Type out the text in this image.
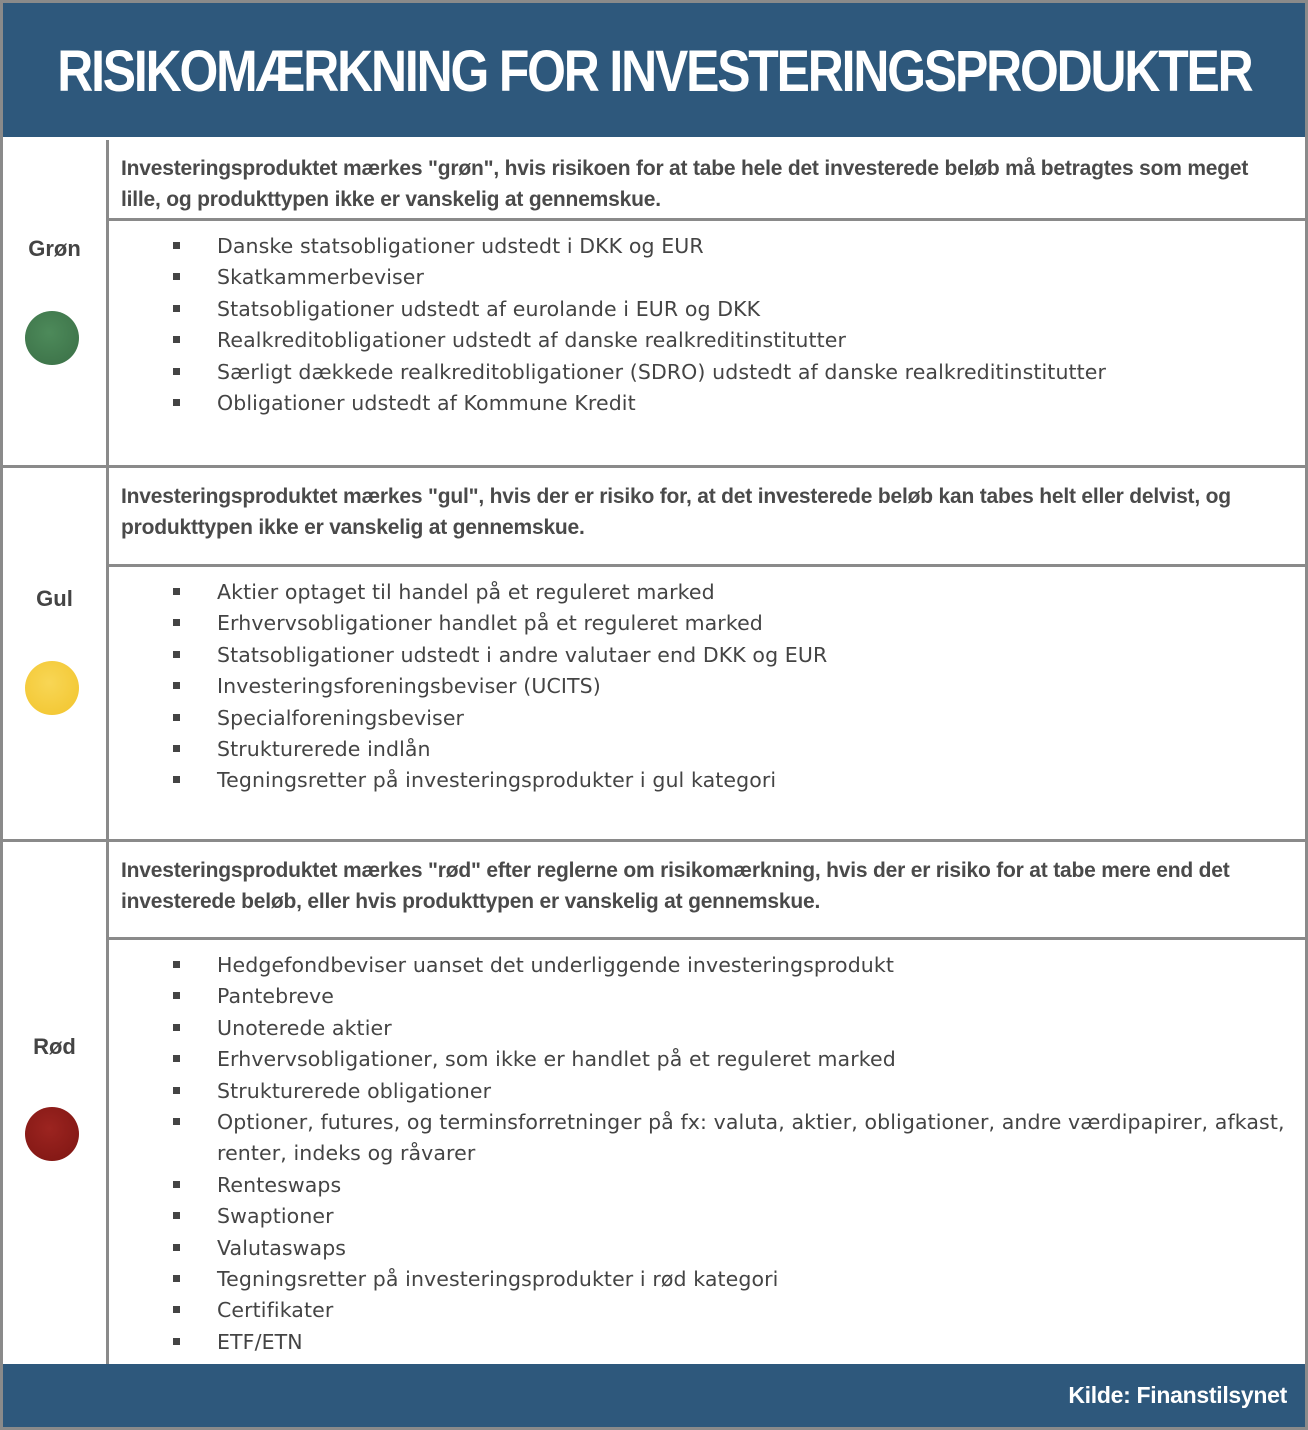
RISIKOMÆRKNING FOR INVESTERINGSPRODUKTER
Grøn
Investeringsproduktet mærkes "grøn", hvis risikoen for at tabe hele det investerede beløb må betragtes som meget lille, og produkttypen ikke er vanskelig at gennemskue.
Danske statsobligationer udstedt i DKK og EUR
Skatkammerbeviser
Statsobligationer udstedt af eurolande i EUR og DKK
Realkreditobligationer udstedt af danske realkreditinstitutter
Særligt dækkede realkreditobligationer (SDRO) udstedt af danske realkreditinstitutter
Obligationer udstedt af Kommune Kredit
Gul
Investeringsproduktet mærkes "gul", hvis der er risiko for, at det investerede beløb kan tabes helt eller delvist, og produkttypen ikke er vanskelig at gennemskue.
Aktier optaget til handel på et reguleret marked
Erhvervsobligationer handlet på et reguleret marked
Statsobligationer udstedt i andre valutaer end DKK og EUR
Investeringsforeningsbeviser (UCITS)
Specialforeningsbeviser
Strukturerede indlån
Tegningsretter på investeringsprodukter i gul kategori
Rød
Investeringsproduktet mærkes "rød" efter reglerne om risikomærkning, hvis der er risiko for at tabe mere end det investerede beløb, eller hvis produkttypen er vanskelig at gennemskue.
Hedgefondbeviser uanset det underliggende investeringsprodukt
Pantebreve
Unoterede aktier
Erhvervsobligationer, som ikke er handlet på et reguleret marked
Strukturerede obligationer
Optioner, futures, og terminsforretninger på fx: valuta, aktier, obligationer, andre værdipapirer, afkast, renter, indeks og råvarer
Renteswaps
Swaptioner
Valutaswaps
Tegningsretter på investeringsprodukter i rød kategori
Certifikater
ETF/ETN
Kilde: Finanstilsynet
